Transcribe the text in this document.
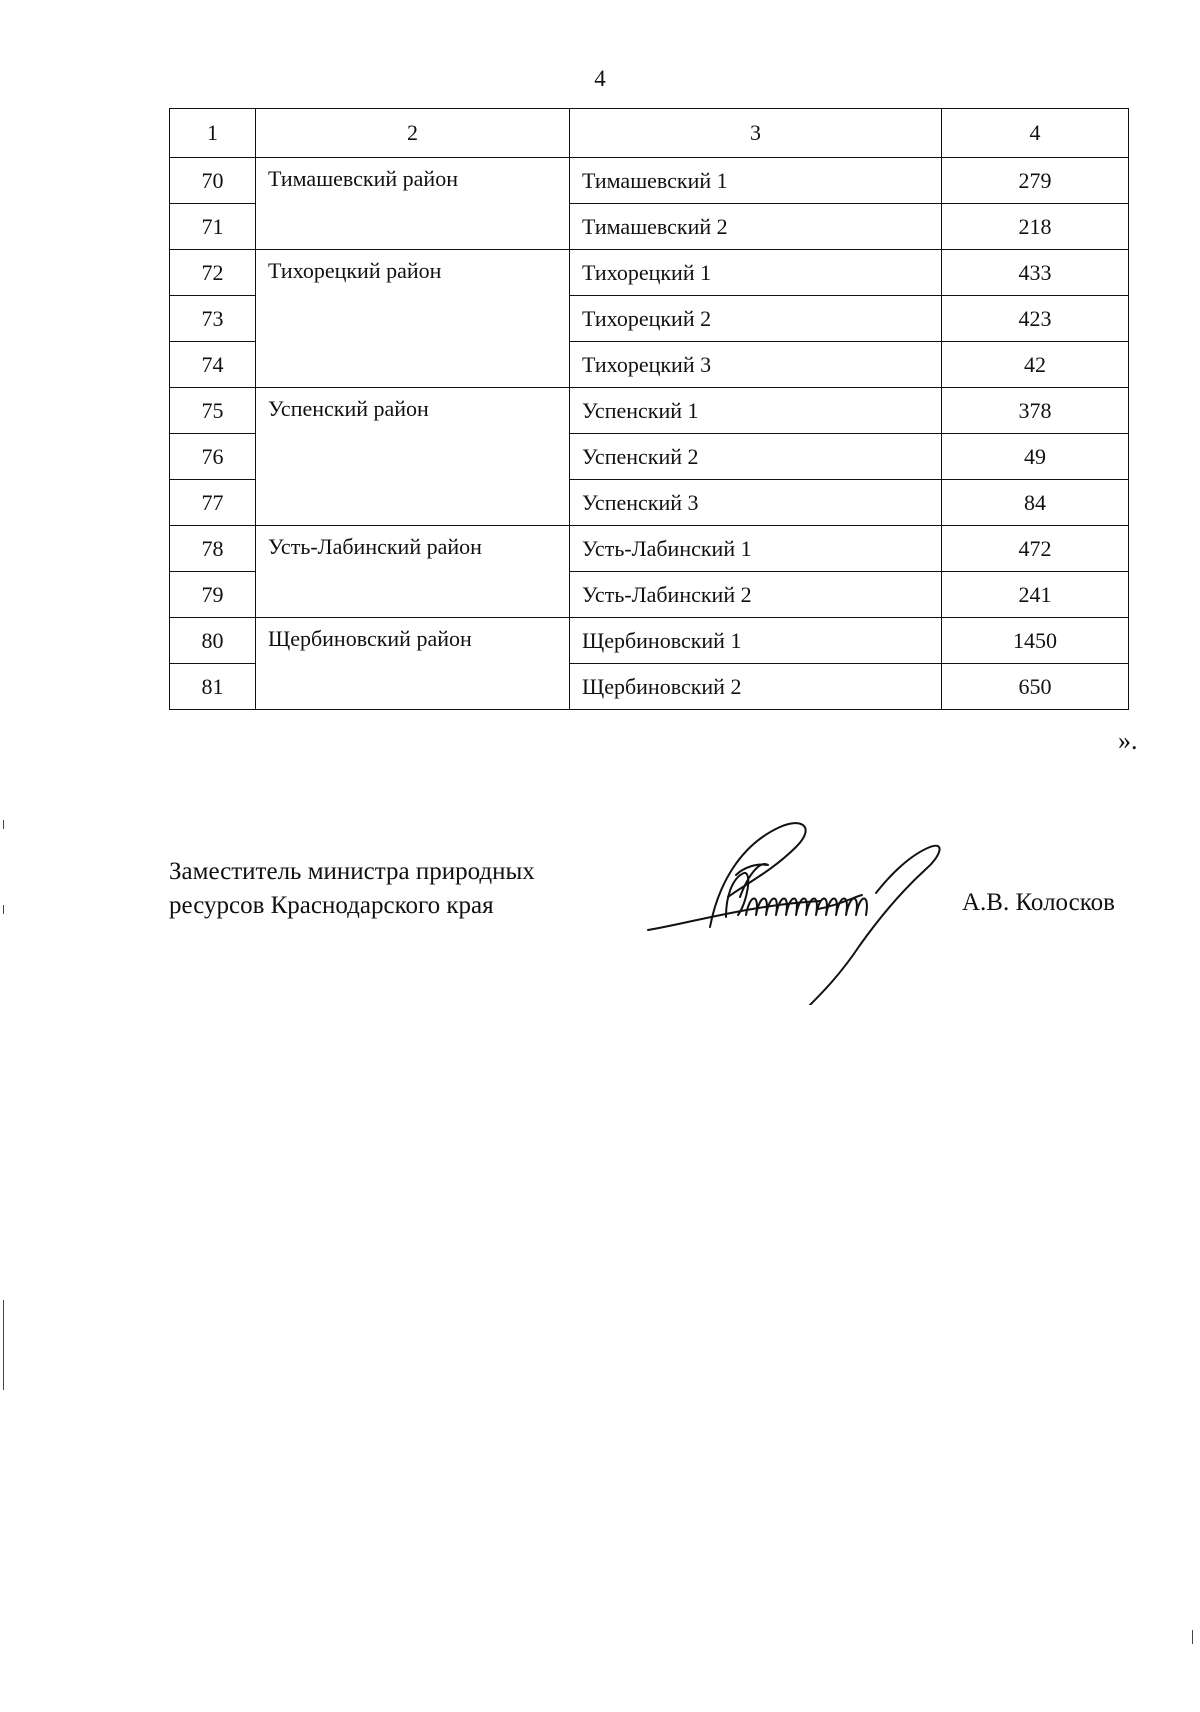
4
1	2	3	4
70	Тимашевский район	Тимашевский 1	279
71		Тимашевский 2	218
72	Тихорецкий район	Тихорецкий 1	433
73		Тихорецкий 2	423
74		Тихорецкий 3	42
75	Успенский район	Успенский 1	378
76		Успенский 2	49
77		Успенский 3	84
78	Усть-Лабинский район	Усть-Лабинский 1	472
79		Усть-Лабинский 2	241
80	Щербиновский район	Щербиновский 1	1450
81		Щербиновский 2	650
».
Заместитель министра природных
ресурсов Краснодарского края	А.В. Колосков
